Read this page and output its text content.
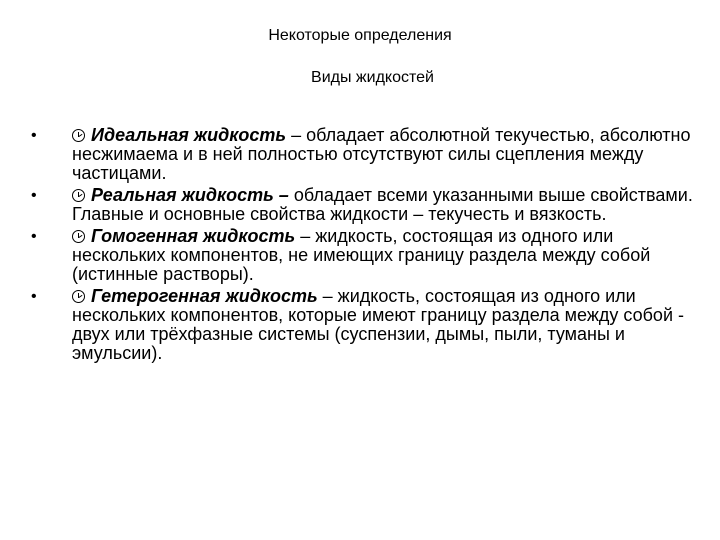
Некоторые определения
Виды жидкостей
•	Идеальная жидкость – обладает абсолютной текучестью, абсолютно несжимаема и в ней полностью отсутствуют силы сцепления между частицами.
•	Реальная жидкость – обладает всеми указанными выше свойствами. Главные и основные свойства жидкости – текучесть и вязкость.
•	Гомогенная жидкость – жидкость, состоящая из одного или нескольких компонентов, не имеющих границу раздела между собой (истинные растворы).
•	Гетерогенная жидкость – жидкость, состоящая из одного или нескольких компонентов, которые имеют границу раздела между собой - двух или трёхфазные системы (суспензии, дымы, пыли, туманы и эмульсии).
